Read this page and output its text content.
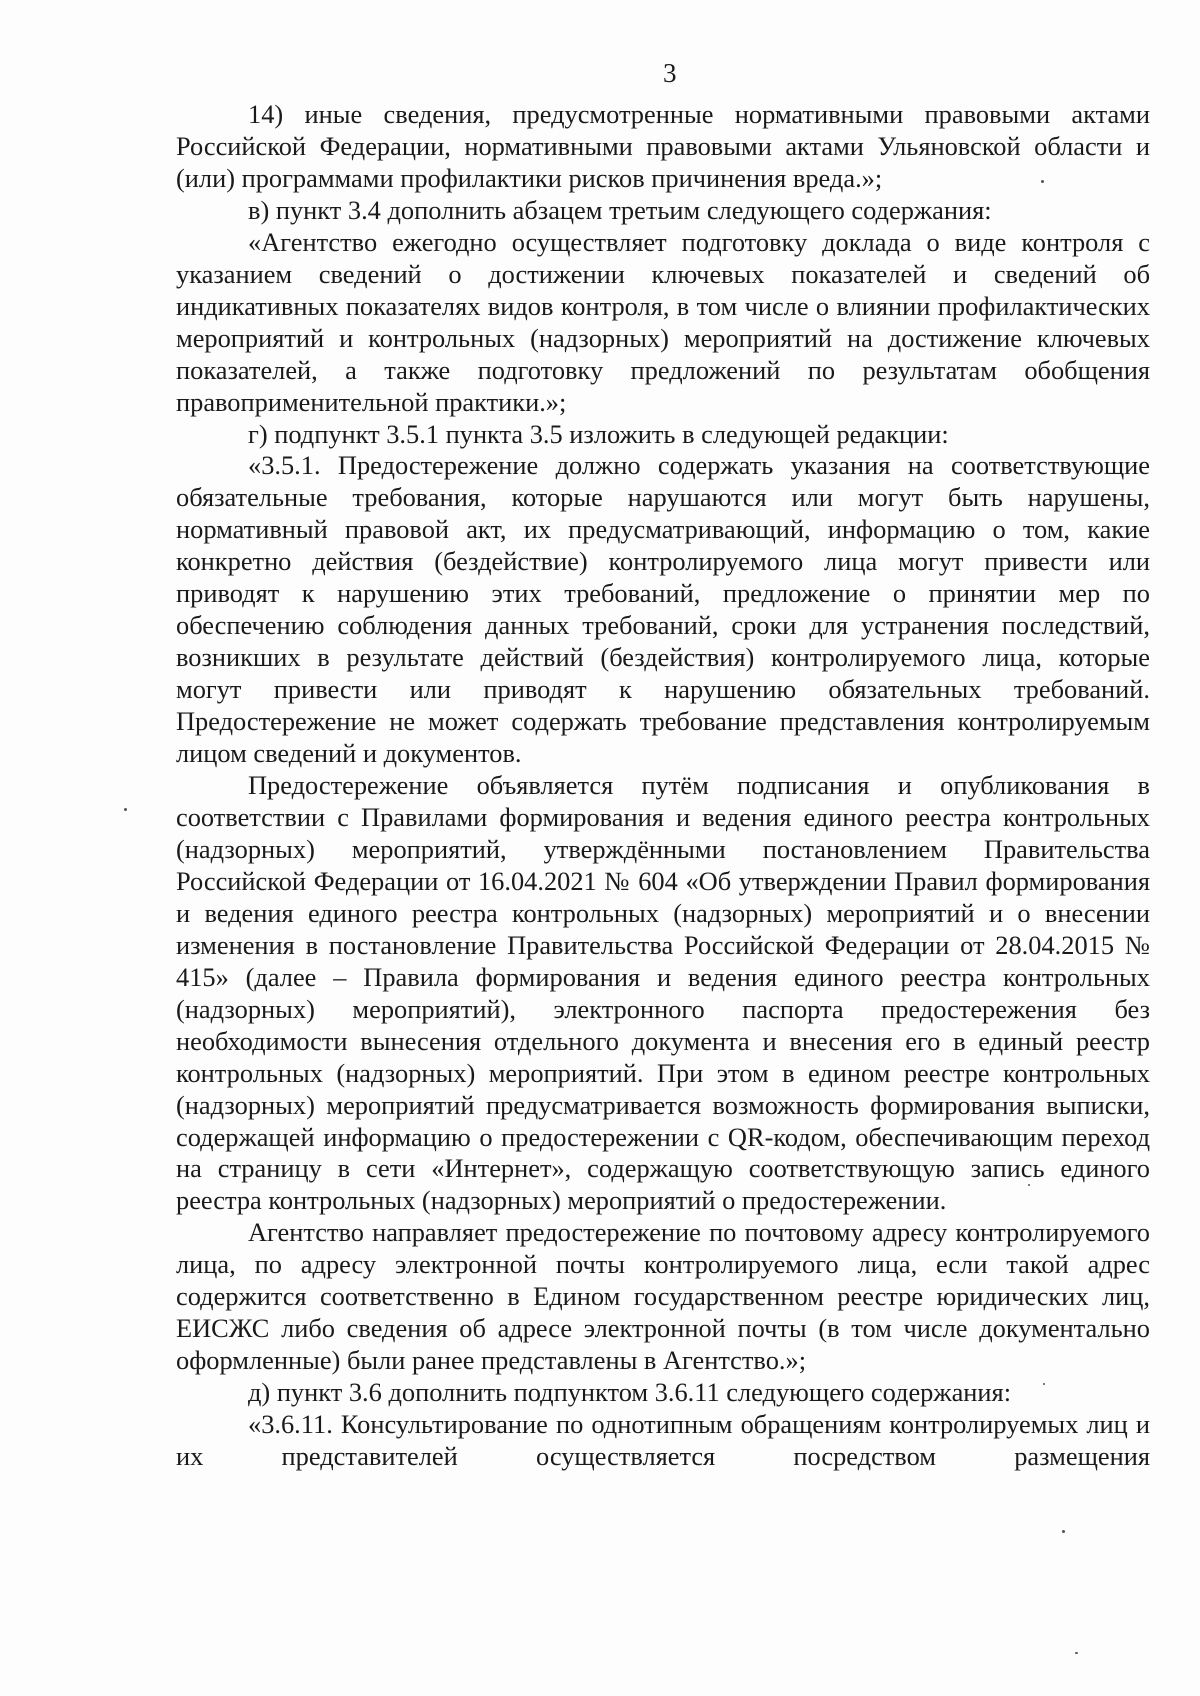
3

14) иные сведения, предусмотренные нормативными правовыми актами Российской Федерации, нормативными правовыми актами Ульяновской области и (или) программами профилактики рисков причинения вреда.»;

в) пункт 3.4 дополнить абзацем третьим следующего содержания:

«Агентство ежегодно осуществляет подготовку доклада о виде контроля с указанием сведений о достижении ключевых показателей и сведений об индикативных показателях видов контроля, в том числе о влиянии профилактических мероприятий и контрольных (надзорных) мероприятий на достижение ключевых показателей, а также подготовку предложений по результатам обобщения правоприменительной практики.»;

г) подпункт 3.5.1 пункта 3.5 изложить в следующей редакции:

«3.5.1. Предостережение должно содержать указания на соответствующие обязательные требования, которые нарушаются или могут быть нарушены, нормативный правовой акт, их предусматривающий, информацию о том, какие конкретно действия (бездействие) контролируемого лица могут привести или приводят к нарушению этих требований, предложение о принятии мер по обеспечению соблюдения данных требований, сроки для устранения последствий, возникших в результате действий (бездействия) контролируемого лица, которые могут привести или приводят к нарушению обязательных требований. Предостережение не может содержать требование представления контролируемым лицом сведений и документов.

Предостережение объявляется путём подписания и опубликования в соответствии с Правилами формирования и ведения единого реестра контрольных (надзорных) мероприятий, утверждёнными постановлением Правительства Российской Федерации от 16.04.2021 № 604 «Об утверждении Правил формирования и ведения единого реестра контрольных (надзорных) мероприятий и о внесении изменения в постановление Правительства Российской Федерации от 28.04.2015 № 415» (далее – Правила формирования и ведения единого реестра контрольных (надзорных) мероприятий), электронного паспорта предостережения без необходимости вынесения отдельного документа и внесения его в единый реестр контрольных (надзорных) мероприятий. При этом в едином реестре контрольных (надзорных) мероприятий предусматривается возможность формирования выписки, содержащей информацию о предостережении с QR-кодом, обеспечивающим переход на страницу в сети «Интернет», содержащую соответствующую запись единого реестра контрольных (надзорных) мероприятий о предостережении.

Агентство направляет предостережение по почтовому адресу контролируемого лица, по адресу электронной почты контролируемого лица, если такой адрес содержится соответственно в Едином государственном реестре юридических лиц, ЕИСЖС либо сведения об адресе электронной почты (в том числе документально оформленные) были ранее представлены в Агентство.»;

д) пункт 3.6 дополнить подпунктом 3.6.11 следующего содержания:

«3.6.11. Консультирование по однотипным обращениям контролируемых лиц и их представителей осуществляется посредством размещения
